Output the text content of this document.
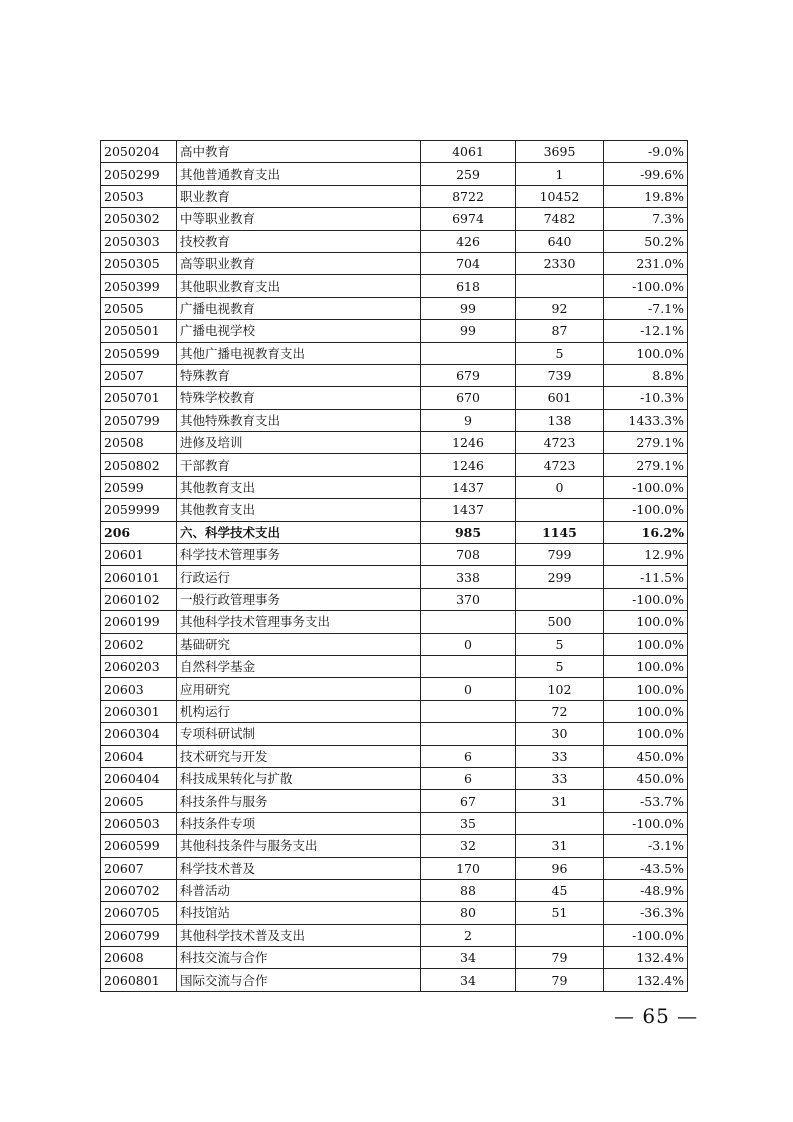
2050204	高中教育	4061	3695	-9.0%
2050299	其他普通教育支出	259	1	-99.6%
20503	职业教育	8722	10452	19.8%
2050302	中等职业教育	6974	7482	7.3%
2050303	技校教育	426	640	50.2%
2050305	高等职业教育	704	2330	231.0%
2050399	其他职业教育支出	618		-100.0%
20505	广播电视教育	99	92	-7.1%
2050501	广播电视学校	99	87	-12.1%
2050599	其他广播电视教育支出		5	100.0%
20507	特殊教育	679	739	8.8%
2050701	特殊学校教育	670	601	-10.3%
2050799	其他特殊教育支出	9	138	1433.3%
20508	进修及培训	1246	4723	279.1%
2050802	干部教育	1246	4723	279.1%
20599	其他教育支出	1437	0	-100.0%
2059999	其他教育支出	1437		-100.0%
206	六、科学技术支出	985	1145	16.2%
20601	科学技术管理事务	708	799	12.9%
2060101	行政运行	338	299	-11.5%
2060102	一般行政管理事务	370		-100.0%
2060199	其他科学技术管理事务支出		500	100.0%
20602	基础研究	0	5	100.0%
2060203	自然科学基金		5	100.0%
20603	应用研究	0	102	100.0%
2060301	机构运行		72	100.0%
2060304	专项科研试制		30	100.0%
20604	技术研究与开发	6	33	450.0%
2060404	科技成果转化与扩散	6	33	450.0%
20605	科技条件与服务	67	31	-53.7%
2060503	科技条件专项	35		-100.0%
2060599	其他科技条件与服务支出	32	31	-3.1%
20607	科学技术普及	170	96	-43.5%
2060702	科普活动	88	45	-48.9%
2060705	科技馆站	80	51	-36.3%
2060799	其他科学技术普及支出	2		-100.0%
20608	科技交流与合作	34	79	132.4%
2060801	国际交流与合作	34	79	132.4%
— 65 —
